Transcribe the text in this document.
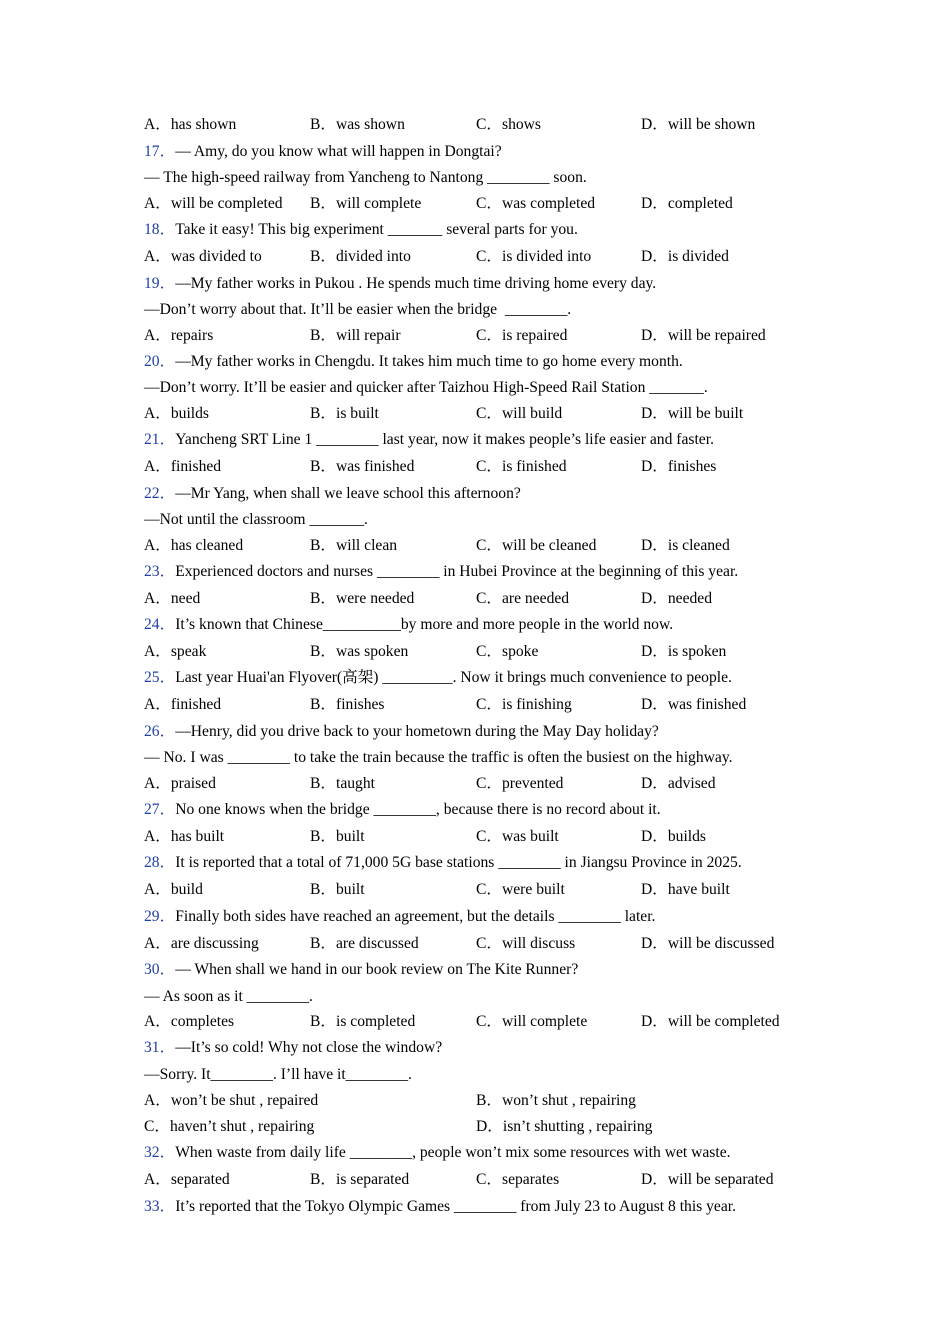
A．has shown

	B．was shown

	C．shows

	D．will be shown

17．— Amy, do you know what will happen in Dongtai?
— The high-speed railway from Yancheng to Nantong ________ soon.

A．will be completed

B．will complete

	C．was completed

	D．completed

18．Take it easy! This big experiment _______ several parts for you.

A．was divided to

	B．divided into

	C．is divided into

	D．is divided

19．—My father works in Pukou . He spends much time driving home every day.
—Don’t worry about that. It’ll be easier when the bridge  ________.

A．repairs

	B．will repair

	C．is repaired

	D．will be repaired

20．—My father works in Chengdu. It takes him much time to go home every month.
—Don’t worry. It’ll be easier and quicker after Taizhou High-Speed Rail Station _______.

A．builds

	B．is built

	C．will build

	D．will be built

21．Yancheng SRT Line 1 ________ last year, now it makes people’s life easier and faster.

A．finished

	B．was finished

	C．is finished

	D．finishes

22．—Mr Yang, when shall we leave school this afternoon?
—Not until the classroom _______.

A．has cleaned

	B．will clean

	C．will be cleaned

	D．is cleaned

23．Experienced doctors and nurses ________ in Hubei Province at the beginning of this year.

A．need

	B．were needed

	C．are needed

	D．needed

24．It’s known that Chinese__________by more and more people in the world now.

A．speak

	B．was spoken

	C．spoke

	D．is spoken

25．Last year Huai'an Flyover(高架) _________. Now it brings much convenience to people.

A．finished

	B．finishes

	C．is finishing

	D．was finished

26．—Henry, did you drive back to your hometown during the May Day holiday?
— No. I was ________ to take the train because the traffic is often the busiest on the highway.

A．praised

	B．taught

	C．prevented

	D．advised

27．No one knows when the bridge ________, because there is no record about it.

A．has built

	B．built

	C．was built

	D．builds

28．It is reported that a total of 71,000 5G base stations ________ in Jiangsu Province in 2025.

A．build

	B．built

	C．were built

	D．have built

29．Finally both sides have reached an agreement, but the details ________ later.

A．are discussing

	B．are discussed

	C．will discuss

	D．will be discussed

30．— When shall we hand in our book review on The Kite Runner?
— As soon as it ________.

A．completes

	B．is completed

	C．will complete

	D．will be completed

31．—It’s so cold! Why not close the window?
—Sorry. It________. I’ll have it________.

A．won’t be shut , repaired

	B．won’t shut , repairing

C．haven’t shut , repairing

	D．isn’t shutting , repairing

32．When waste from daily life ________, people won’t mix some resources with wet waste.

A．separated

	B．is separated

	C．separates

	D．will be separated

33．It’s reported that the Tokyo Olympic Games ________ from July 23 to August 8 this year.
